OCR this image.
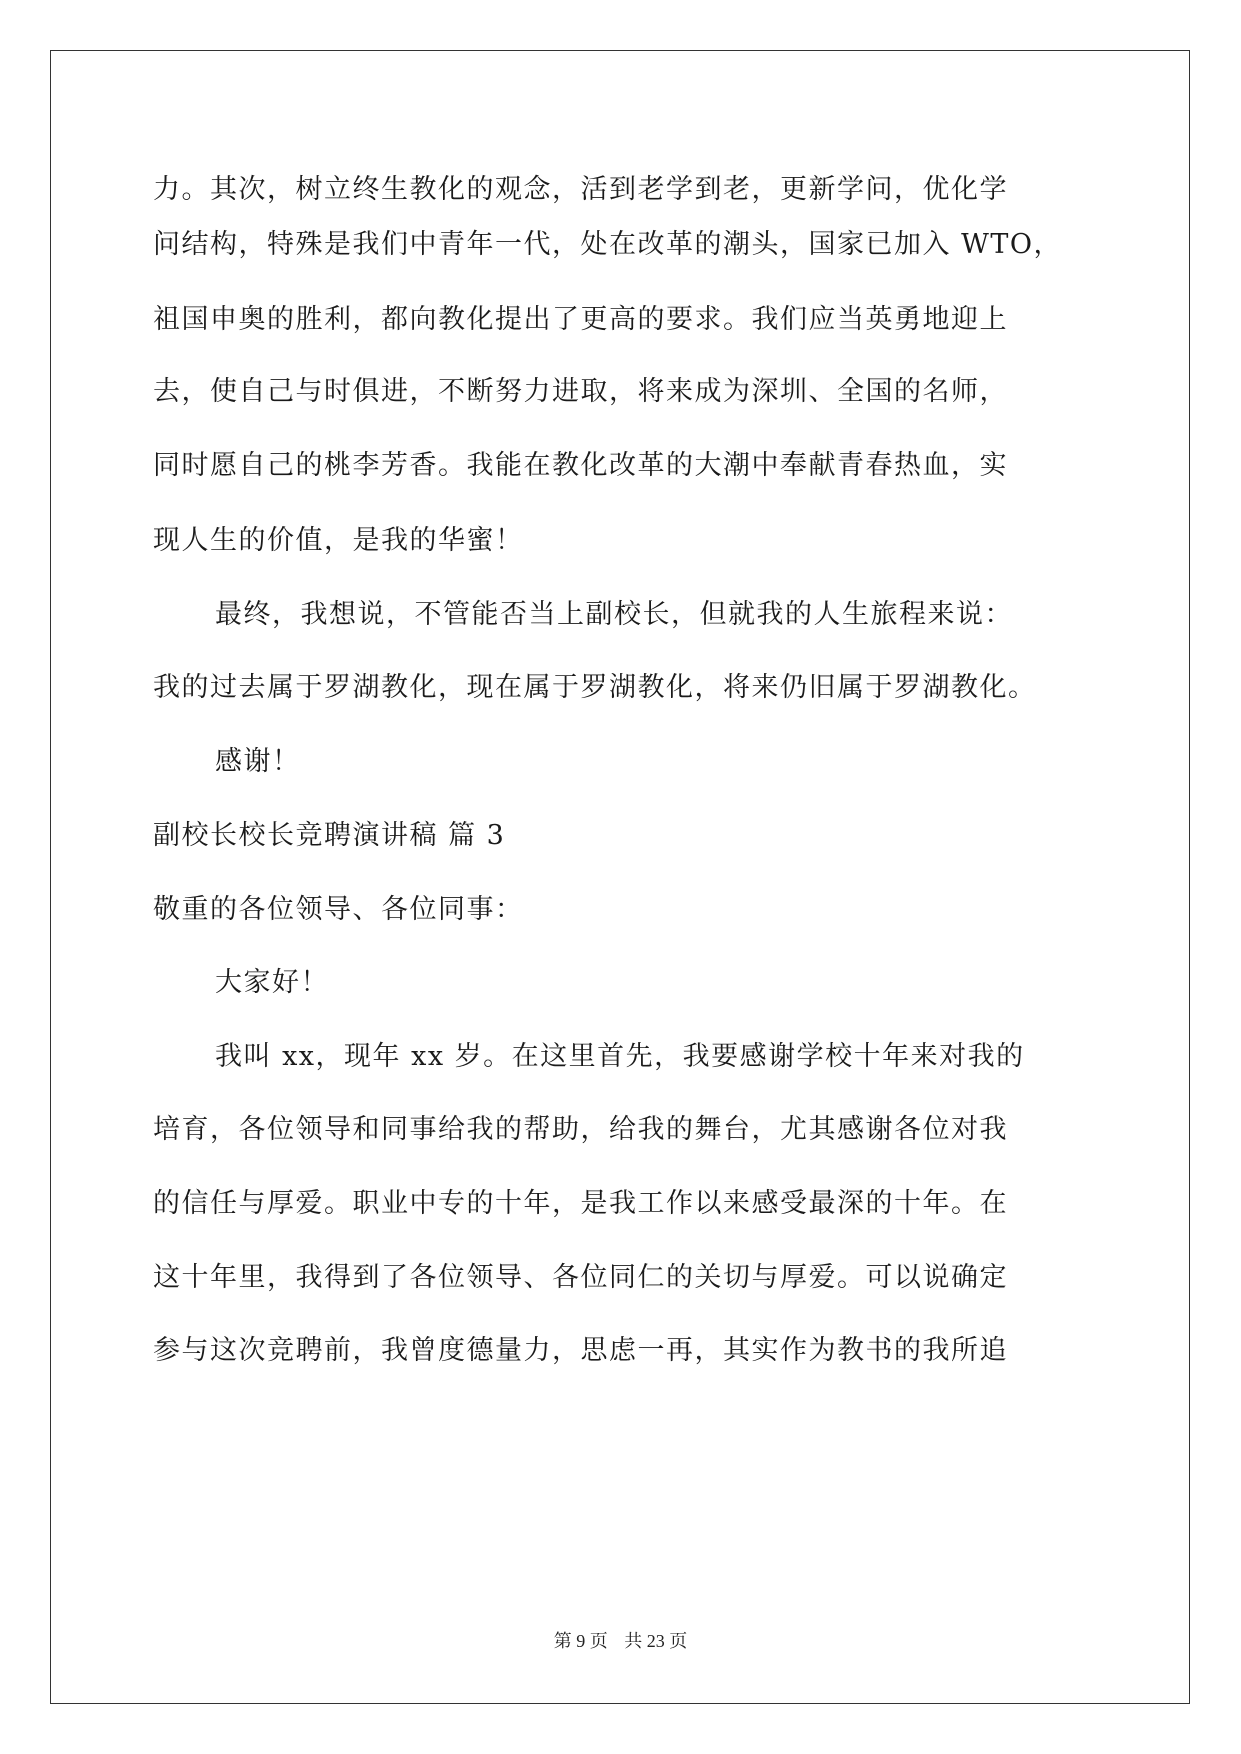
力。其次，树立终生教化的观念，活到老学到老，更新学问，优化学
问结构，特殊是我们中青年一代，处在改革的潮头，国家已加入 WTO，
祖国申奥的胜利，都向教化提出了更高的要求。我们应当英勇地迎上
去，使自己与时俱进，不断努力进取，将来成为深圳、全国的名师，
同时愿自己的桃李芳香。我能在教化改革的大潮中奉献青春热血，实
现人生的价值，是我的华蜜！
最终，我想说，不管能否当上副校长，但就我的人生旅程来说：
我的过去属于罗湖教化，现在属于罗湖教化，将来仍旧属于罗湖教化。
感谢！
副校长校长竞聘演讲稿 篇 3
敬重的各位领导、各位同事：
大家好！
我叫 xx，现年 xx 岁。在这里首先，我要感谢学校十年来对我的
培育，各位领导和同事给我的帮助，给我的舞台，尤其感谢各位对我
的信任与厚爱。职业中专的十年，是我工作以来感受最深的十年。在
这十年里，我得到了各位领导、各位同仁的关切与厚爱。可以说确定
参与这次竞聘前，我曾度德量力，思虑一再，其实作为教书的我所追
第 9 页 共 23 页
